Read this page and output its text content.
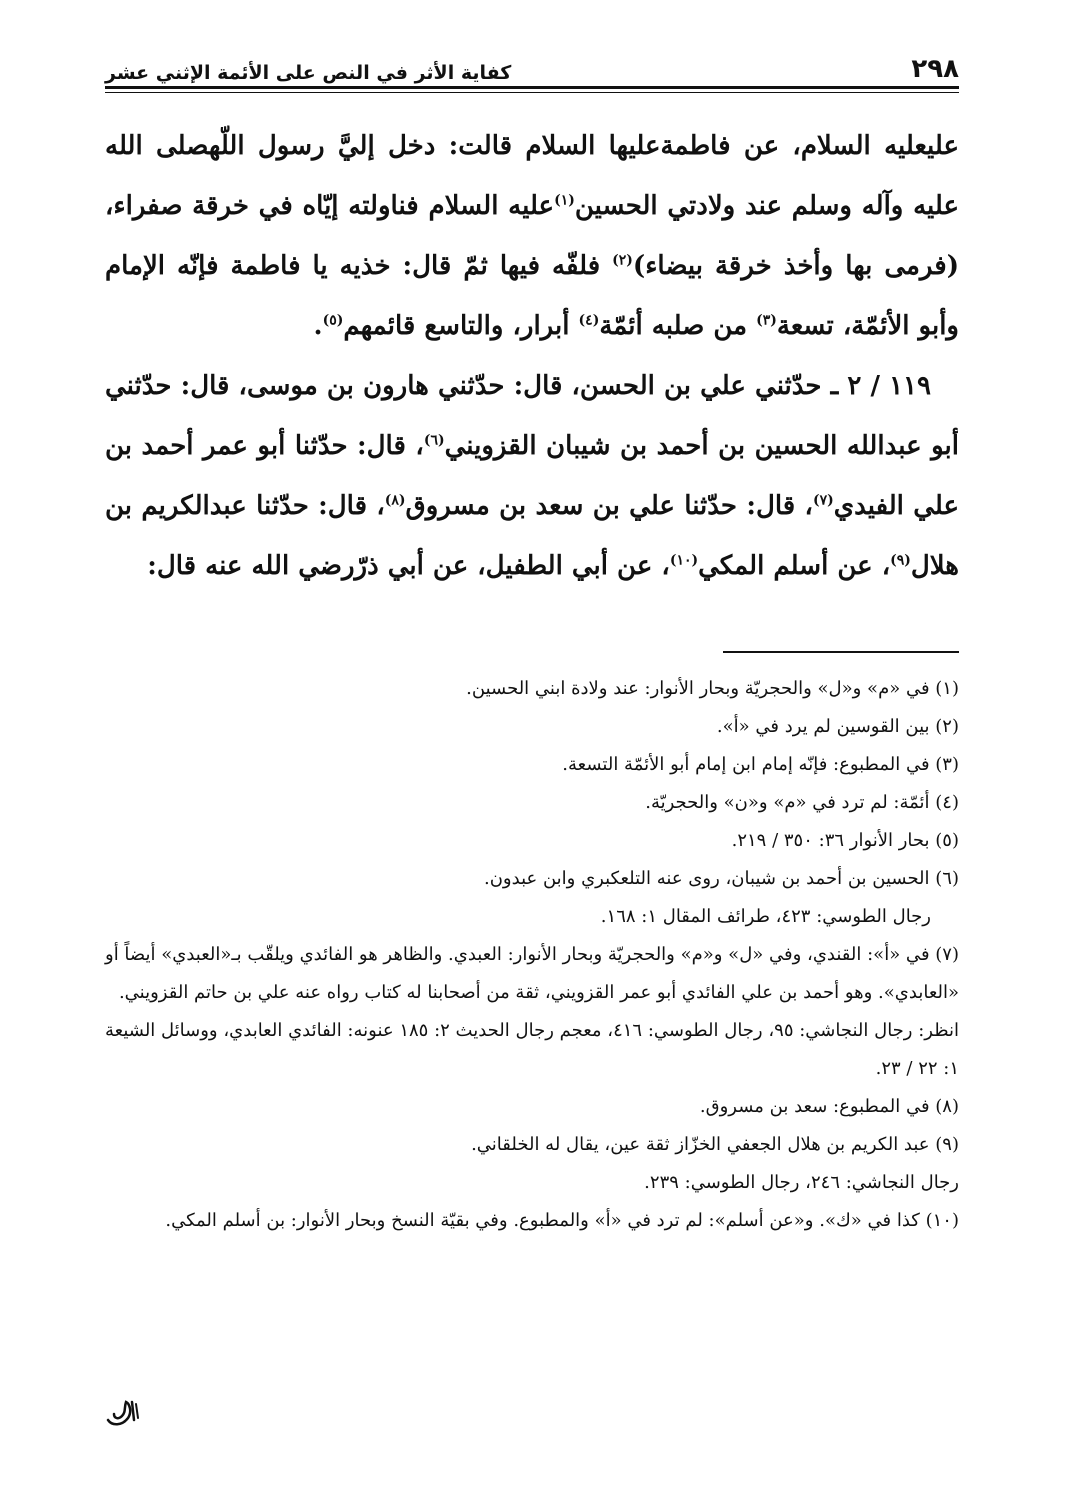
كفاية الأثر في النص على الأئمة الإثني عشر	٢٩٨

عليعليه السلام، عن فاطمةعليها السلام قالت: دخل إليَّ رسول اللّهصلى الله عليه وآله وسلم عند ولادتي الحسين$^{(١)}$عليه السلام فناولته إيّاه في خرقة صفراء، (فرمى بها وأخذ خرقة بيضاء)$^{(٢)}$ فلفّه فيها ثمّ قال: خذيه يا فاطمة فإنّه الإمام وأبو الأئمّة، تسعة$^{(٣)}$ من صلبه أئمّة$^{(٤)}$ أبرار، والتاسع قائمهم$^{(٥)}$.

١١٩ / ٢ ـ حدّثني علي بن الحسن، قال: حدّثني هارون بن موسى، قال: حدّثني أبو عبدالله الحسين بن أحمد بن شيبان القزويني$^{(٦)}$، قال: حدّثنا أبو عمر أحمد بن علي الفيدي$^{(٧)}$، قال: حدّثنا علي بن سعد بن مسروق$^{(٨)}$، قال: حدّثنا عبدالكريم بن هلال$^{(٩)}$، عن أسلم المكي$^{(١٠)}$، عن أبي الطفيل، عن أبي ذرّرضي الله عنه قال:

(١) في «م» و«ل» والحجريّة وبحار الأنوار: عند ولادة ابني الحسين.

(٢) بين القوسين لم يرد في «أ».

(٣) في المطبوع: فإنّه إمام ابن إمام أبو الأئمّة التسعة.

(٤) أئمّة: لم ترد في «م» و«ن» والحجريّة.

(٥) بحار الأنوار ٣٦: ٣٥٠ / ٢١٩.

(٦) الحسين بن أحمد بن شيبان، روى عنه التلعكبري وابن عبدون.

رجال الطوسي: ٤٢٣، طرائف المقال ١: ١٦٨.

(٧) في «أ»: القندي، وفي «ل» و«م» والحجريّة وبحار الأنوار: العبدي. والظاهر هو الفائدي ويلقّب بـ«العبدي» أيضاً أو «العابدي». وهو أحمد بن علي الفائدي أبو عمر القزويني، ثقة من أصحابنا له كتاب رواه عنه علي بن حاتم القزويني.

انظر: رجال النجاشي: ٩٥، رجال الطوسي: ٤١٦، معجم رجال الحديث ٢: ١٨٥ عنونه: الفائدي العابدي، ووسائل الشيعة ١: ٢٢ / ٢٣.

(٨) في المطبوع: سعد بن مسروق.

(٩) عبد الكريم بن هلال الجعفي الخزّاز ثقة عين، يقال له الخلقاني.

رجال النجاشي: ٢٤٦، رجال الطوسي: ٢٣٩.

(١٠) كذا في «ك». و«عن أسلم»: لم ترد في «أ» والمطبوع. وفي بقيّة النسخ وبحار الأنوار: بن أسلم المكي.
